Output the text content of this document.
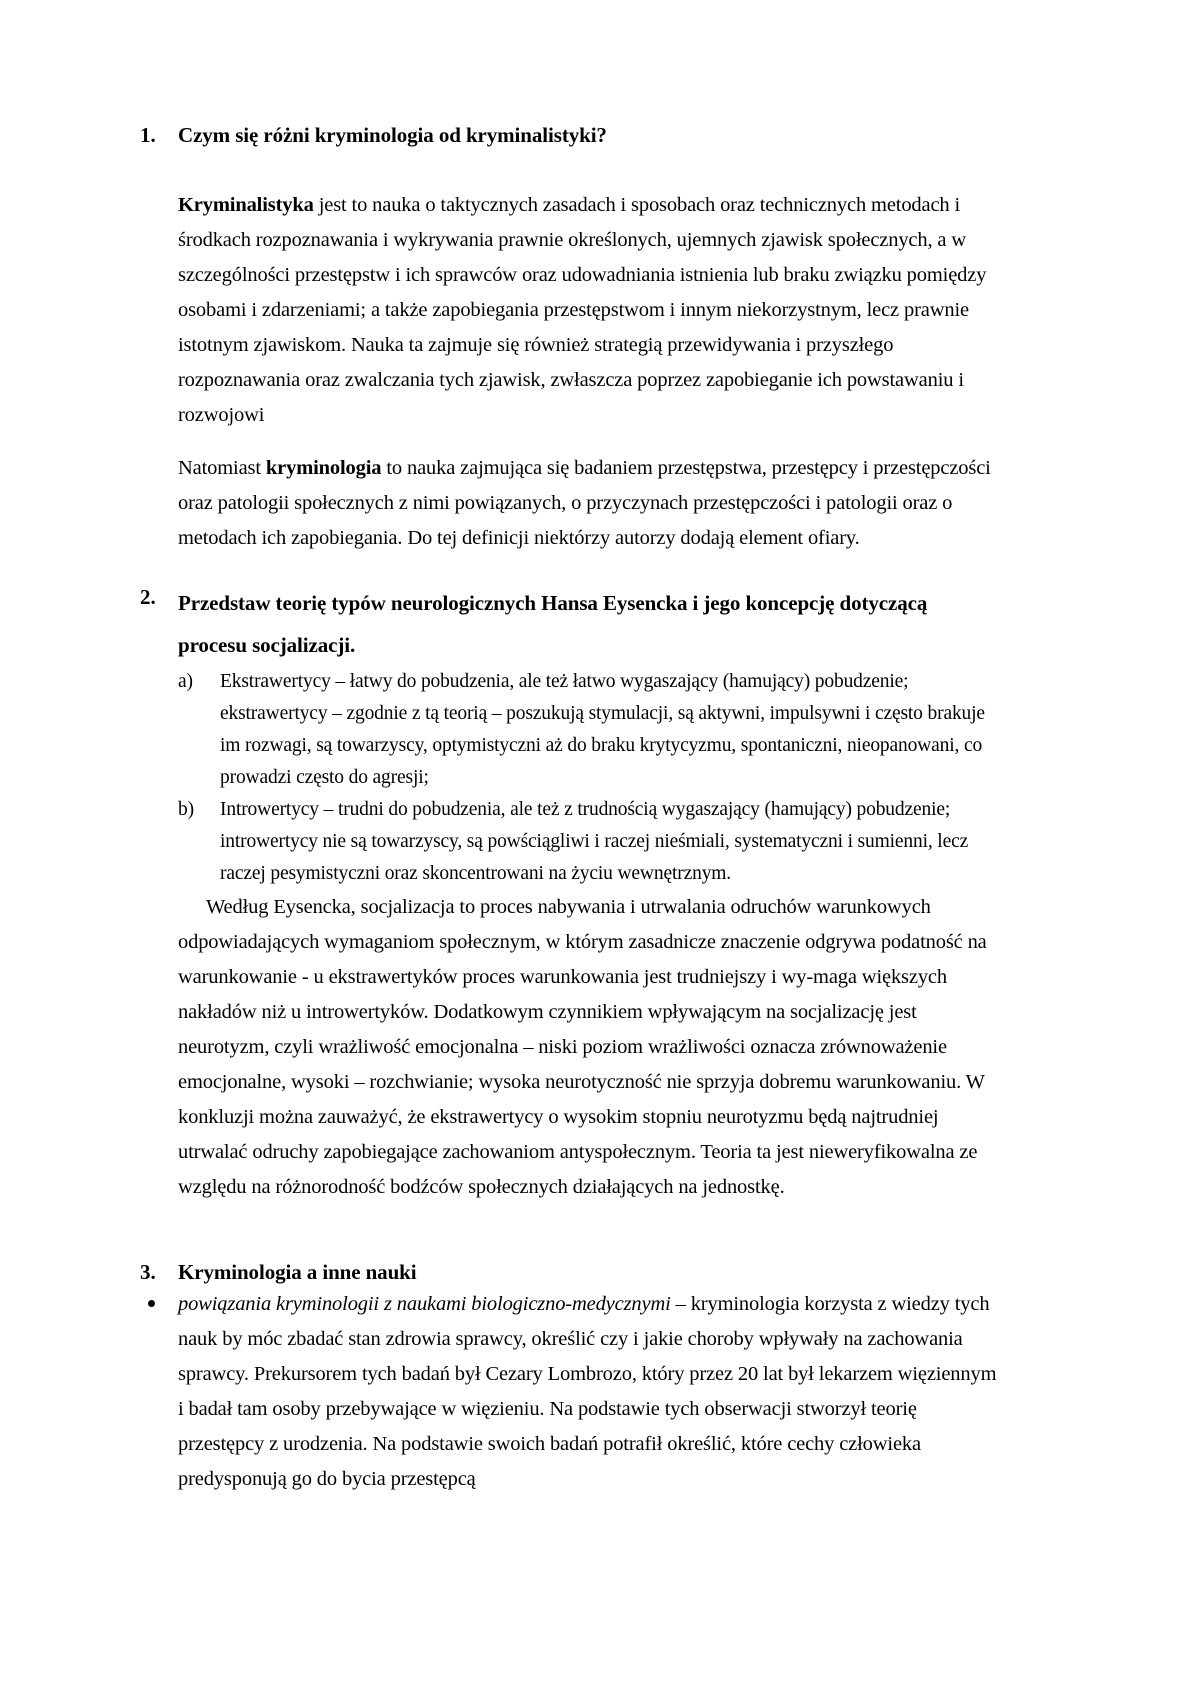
1. Czym się różni kryminologia od kryminalistyki?

Kryminalistyka jest to nauka o taktycznych zasadach i sposobach oraz technicznych metodach i środkach rozpoznawania i wykrywania prawnie określonych, ujemnych zjawisk społecznych, a w szczególności przestępstw i ich sprawców oraz udowadniania istnienia lub braku związku pomiędzy osobami i zdarzeniami; a także zapobiegania przestępstwom i innym niekorzystnym, lecz prawnie istotnym zjawiskom. Nauka ta zajmuje się również strategią przewidywania i przyszłego rozpoznawania oraz zwalczania tych zjawisk, zwłaszcza poprzez zapobieganie ich powstawaniu i rozwojowi

Natomiast kryminologia to nauka zajmująca się badaniem przestępstwa, przestępcy i przestępczości oraz patologii społecznych z nimi powiązanych, o przyczynach przestępczości i patologii oraz o metodach ich zapobiegania. Do tej definicji niektórzy autorzy dodają element ofiary.

2. Przedstaw teorię typów neurologicznych Hansa Eysencka i jego koncepcję dotyczącą procesu socjalizacji.
a) Ekstrawertycy – łatwy do pobudzenia, ale też łatwo wygaszający (hamujący) pobudzenie; ekstrawertycy – zgodnie z tą teorią – poszukują stymulacji, są aktywni, impulsywni i często brakuje im rozwagi, są towarzyscy, optymistyczni aż do braku krytycyzmu, spontaniczni, nieopanowani, co prowadzi często do agresji;
b) Introwertycy – trudni do pobudzenia, ale też z trudnością wygaszający (hamujący) pobudzenie; introwertycy nie są towarzyscy, są powściągliwi i raczej nieśmiali, systematyczni i sumienni, lecz raczej pesymistyczni oraz skoncentrowani na życiu wewnętrznym.

Według Eysencka, socjalizacja to proces nabywania i utrwalania odruchów warunkowych odpowiadających wymaganiom społecznym, w którym zasadnicze znaczenie odgrywa podatność na warunkowanie - u ekstrawertyków proces warunkowania jest trudniejszy i wy-maga większych nakładów niż u introwertyków. Dodatkowym czynnikiem wpływającym na socjalizację jest neurotyzm, czyli wrażliwość emocjonalna – niski poziom wrażliwości oznacza zrównoważenie emocjonalne, wysoki – rozchwianie; wysoka neurotyczność nie sprzyja dobremu warunkowaniu. W konkluzji można zauważyć, że ekstrawertycy o wysokim stopniu neurotyzmu będą najtrudniej utrwalać odruchy zapobiegające zachowaniom antyspołecznym. Teoria ta jest nieweryfikowalna ze względu na różnorodność bodźców społecznych działających na jednostkę.

3. Kryminologia a inne nauki
powiązania kryminologii z naukami biologiczno-medycznymi – kryminologia korzysta z wiedzy tych nauk by móc zbadać stan zdrowia sprawcy, określić czy i jakie choroby wpływały na zachowania sprawcy. Prekursorem tych badań był Cezary Lombrozo, który przez 20 lat był lekarzem więziennym i badał tam osoby przebywające w więzieniu. Na podstawie tych obserwacji stworzył teorię przestępcy z urodzenia. Na podstawie swoich badań potrafił określić, które cechy człowieka predysponują go do bycia przestępcą
